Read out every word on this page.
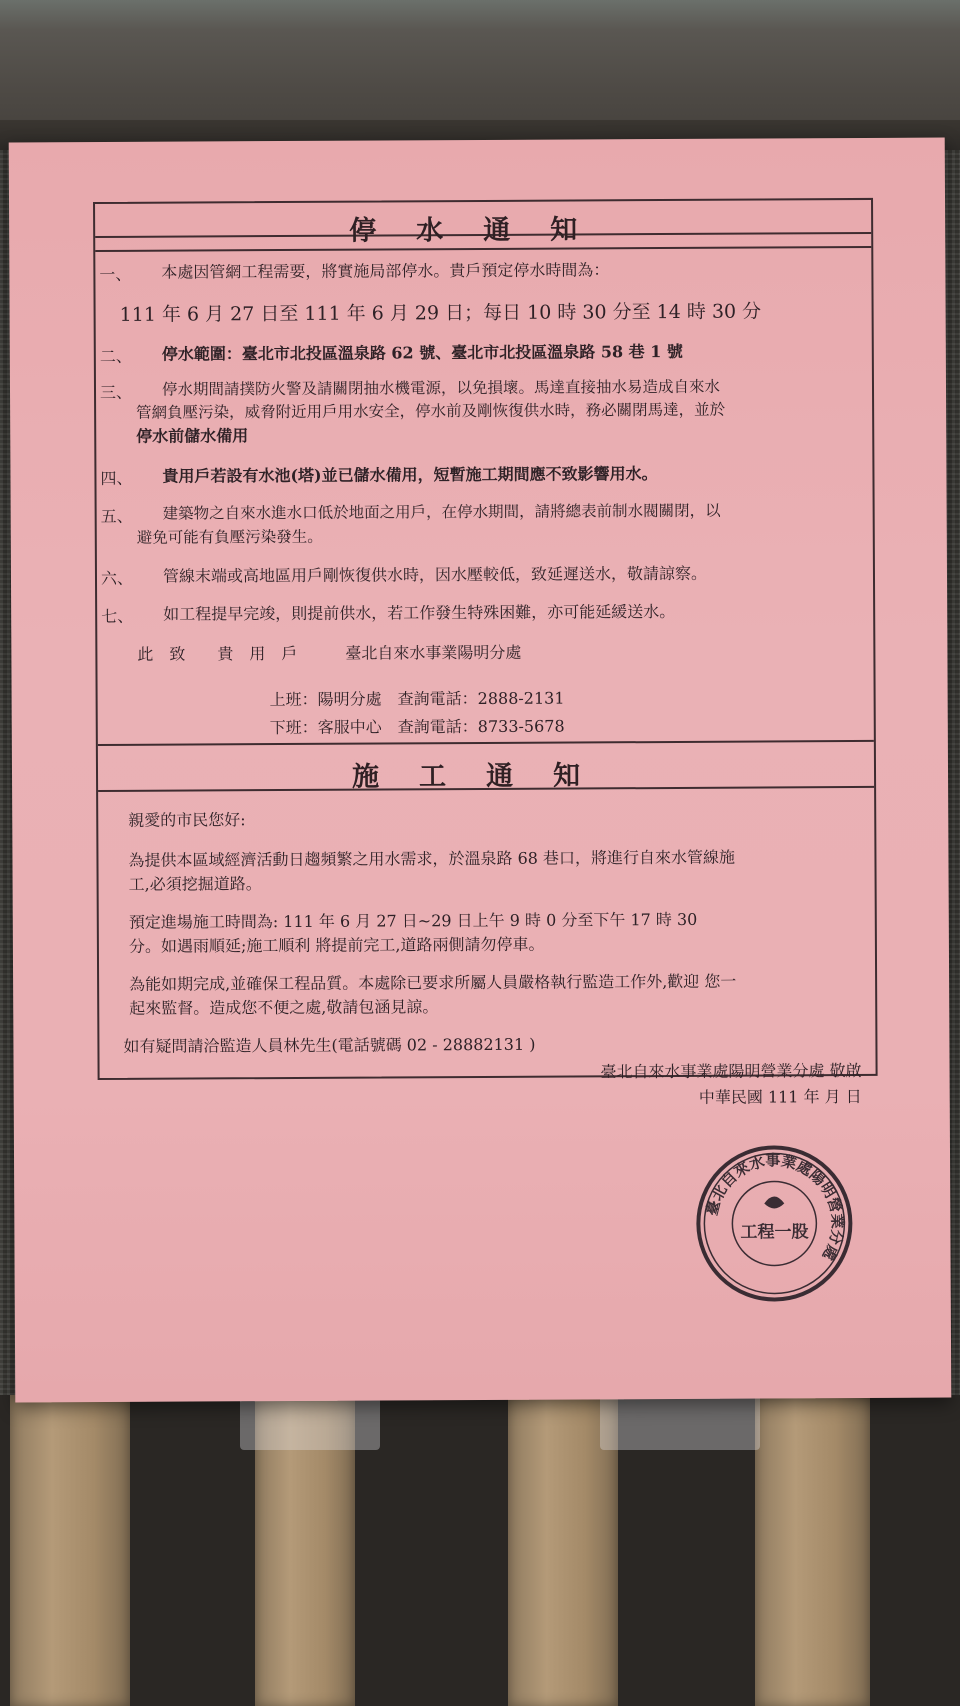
停水通知
一、 本處因管網工程需要，將實施局部停水。貴戶預定停水時間為：
111 年 6 月 27 日至 111 年 6 月 29 日；每日 10 時 30 分至 14 時 30 分
二、 停水範圍：臺北市北投區溫泉路 62 號、臺北市北投區溫泉路 58 巷 1 號
三、 停水期間請撲防火警及請關閉抽水機電源，以免損壞。馬達直接抽水易造成自來水
管網負壓污染，威脅附近用戶用水安全，停水前及剛恢復供水時，務必關閉馬達，並於
停水前儲水備用
四、 貴用戶若設有水池(塔)並已儲水備用，短暫施工期間應不致影響用水。
五、 建築物之自來水進水口低於地面之用戶，在停水期間，請將總表前制水閥關閉，以
避免可能有負壓污染發生。
六、 管線末端或高地區用戶剛恢復供水時，因水壓較低，致延遲送水，敬請諒察。
七、 如工程提早完竣，則提前供水，若工作發生特殊困難，亦可能延緩送水。
此　致　　貴　用　戶　　　臺北自來水事業陽明分處
上班：陽明分處　查詢電話：2888-2131
下班：客服中心　查詢電話：8733-5678
施工通知
親愛的市民您好:
為提供本區域經濟活動日趨頻繁之用水需求，於溫泉路 68 巷口，將進行自來水管線施
工,必須挖掘道路。
預定進場施工時間為: 111 年 6 月 27 日~29 日上午 9 時 0 分至下午 17 時 30
分。如遇雨順延;施工順利 將提前完工,道路兩側請勿停車。
為能如期完成,並確保工程品質。本處除已要求所屬人員嚴格執行監造工作外,歡迎 您一
起來監督。造成您不便之處,敬請包涵見諒。
如有疑問請洽監造人員林先生(電話號碼 02 - 28882131 )
臺北自來水事業處陽明營業分處 敬啟
中華民國 111 年 月 日
臺北自來水事業處陽明營業分處
工程一股
